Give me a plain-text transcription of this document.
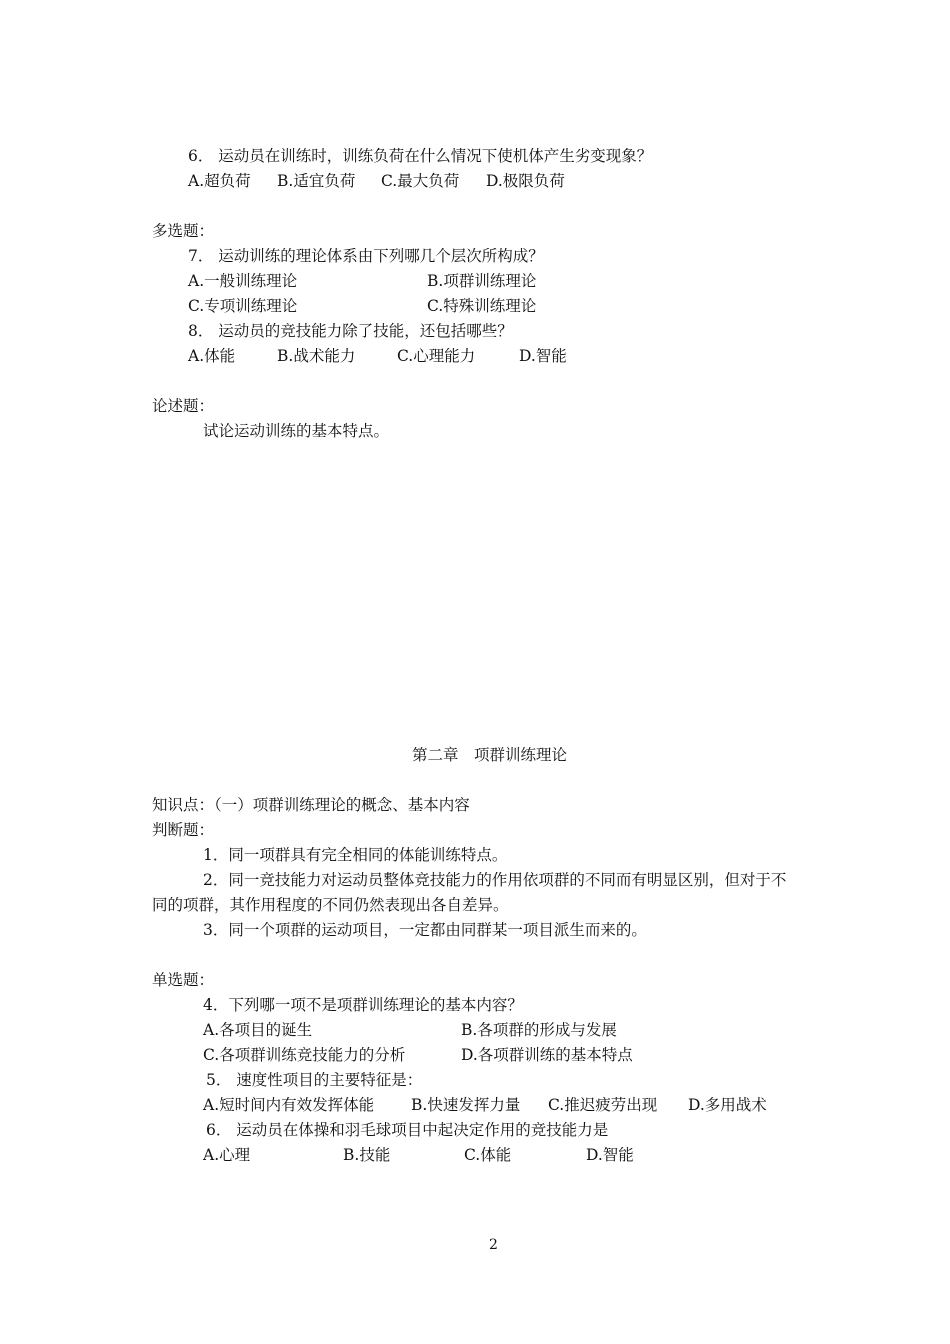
6． 运动员在训练时，训练负荷在什么情况下使机体产生劣变现象？
A.超负荷 B.适宜负荷 C.最大负荷 D.极限负荷
多选题：
7． 运动训练的理论体系由下列哪几个层次所构成？
A.一般训练理论	B.项群训练理论
C.专项训练理论	C.特殊训练理论
8． 运动员的竞技能力除了技能，还包括哪些？
A.体能	B.战术能力	C.心理能力	D.智能
论述题：
试论运动训练的基本特点。
第二章　项群训练理论
知识点：（一）项群训练理论的概念、基本内容
判断题：
1．同一项群具有完全相同的体能训练特点。
2．同一竞技能力对运动员整体竞技能力的作用依项群的不同而有明显区别，但对于不
同的项群，其作用程度的不同仍然表现出各自差异。
3．同一个项群的运动项目，一定都由同群某一项目派生而来的。
单选题：
4．下列哪一项不是项群训练理论的基本内容？
A.各项目的诞生	B.各项群的形成与发展
C.各项群训练竞技能力的分析	D.各项群训练的基本特点
5． 速度性项目的主要特征是：
A.短时间内有效发挥体能 B.快速发挥力量 C.推迟疲劳出现 D.多用战术
6． 运动员在体操和羽毛球项目中起决定作用的竞技能力是
A.心理	B.技能	C.体能	D.智能
2
